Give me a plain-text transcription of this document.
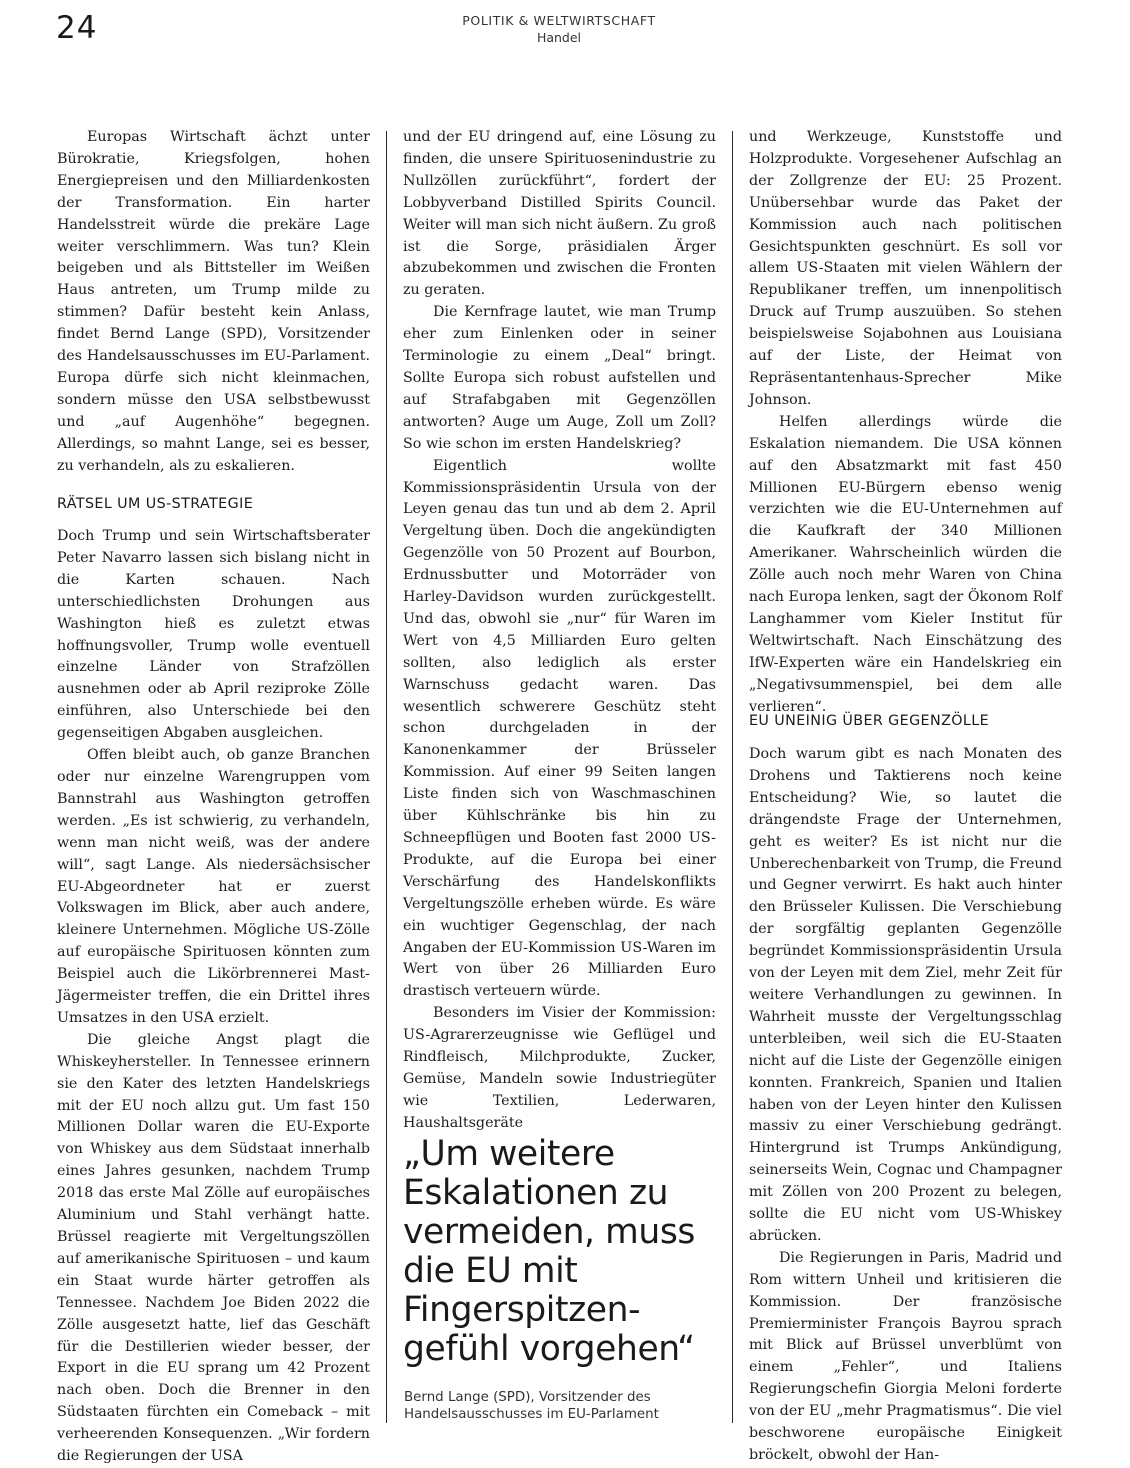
24	POLITIK & WELTWIRTSCHAFT
Handel

Europas Wirtschaft ächzt unter Bürokratie, Kriegsfolgen, hohen Energiepreisen und den Milliardenkosten der Transformation. Ein harter Handelsstreit würde die prekäre Lage weiter verschlimmern. Was tun? Klein beigeben und als Bittsteller im Weißen Haus antreten, um Trump milde zu stimmen? Dafür besteht kein Anlass, findet Bernd Lange (SPD), Vorsitzender des Handelsausschusses im EU-Parlament. Europa dürfe sich nicht kleinmachen, sondern müsse den USA selbstbewusst und „auf Augenhöhe“ begegnen. Allerdings, so mahnt Lange, sei es besser, zu verhandeln, als zu eskalieren.

RÄTSEL UM US-STRATEGIE

Doch Trump und sein Wirtschaftsberater Peter Navarro lassen sich bislang nicht in die Karten schauen. Nach unterschiedlichsten Drohungen aus Washington hieß es zuletzt etwas hoffnungsvoller, Trump wolle eventuell einzelne Länder von Strafzöllen ausnehmen oder ab April reziproke Zölle einführen, also Unterschiede bei den gegenseitigen Abgaben ausgleichen.

Offen bleibt auch, ob ganze Branchen oder nur einzelne Warengruppen vom Bannstrahl aus Washington getroffen werden. „Es ist schwierig, zu verhandeln, wenn man nicht weiß, was der andere will“, sagt Lange. Als niedersächsischer EU-Abgeordneter hat er zuerst Volkswagen im Blick, aber auch andere, kleinere Unternehmen. Mögliche US-Zölle auf europäische Spirituosen könnten zum Beispiel auch die Likörbrennerei Mast-Jägermeister treffen, die ein Drittel ihres Umsatzes in den USA erzielt.

Die gleiche Angst plagt die Whiskeyhersteller. In Tennessee erinnern sie den Kater des letzten Handelskriegs mit der EU noch allzu gut. Um fast 150 Millionen Dollar waren die EU-Exporte von Whiskey aus dem Südstaat innerhalb eines Jahres gesunken, nachdem Trump 2018 das erste Mal Zölle auf europäisches Aluminium und Stahl verhängt hatte. Brüssel reagierte mit Vergeltungszöllen auf amerikanische Spirituosen – und kaum ein Staat wurde härter getroffen als Tennessee. Nachdem Joe Biden 2022 die Zölle ausgesetzt hatte, lief das Geschäft für die Destillerien wieder besser, der Export in die EU sprang um 42 Prozent nach oben. Doch die Brenner in den Südstaaten fürchten ein Comeback – mit verheerenden Konsequenzen. „Wir fordern die Regierungen der USA

und der EU dringend auf, eine Lösung zu finden, die unsere Spirituosenindustrie zu Nullzöllen zurückführt“, fordert der Lobbyverband Distilled Spirits Council. Weiter will man sich nicht äußern. Zu groß ist die Sorge, präsidialen Ärger abzubekommen und zwischen die Fronten zu geraten.

Die Kernfrage lautet, wie man Trump eher zum Einlenken oder in seiner Terminologie zu einem „Deal“ bringt. Sollte Europa sich robust aufstellen und auf Strafabgaben mit Gegenzöllen antworten? Auge um Auge, Zoll um Zoll? So wie schon im ersten Handelskrieg?

Eigentlich wollte Kommissionspräsidentin Ursula von der Leyen genau das tun und ab dem 2. April Vergeltung üben. Doch die angekündigten Gegenzölle von 50 Prozent auf Bourbon, Erdnussbutter und Motorräder von Harley-Davidson wurden zurückgestellt. Und das, obwohl sie „nur“ für Waren im Wert von 4,5 Milliarden Euro gelten sollten, also lediglich als erster Warnschuss gedacht waren. Das wesentlich schwerere Geschütz steht schon durchgeladen in der Kanonenkammer der Brüsseler Kommission. Auf einer 99 Seiten langen Liste finden sich von Waschmaschinen über Kühlschränke bis hin zu Schneepflügen und Booten fast 2000 US-Produkte, auf die Europa bei einer Verschärfung des Handelskonflikts Vergeltungszölle erheben würde. Es wäre ein wuchtiger Gegenschlag, der nach Angaben der EU-Kommission US-Waren im Wert von über 26 Milliarden Euro drastisch verteuern würde.

Besonders im Visier der Kommission: US-Agrarerzeugnisse wie Geflügel und Rindfleisch, Milchprodukte, Zucker, Gemüse, Mandeln sowie Industriegüter wie Textilien, Lederwaren, Haushaltsgeräte

„Um weitere Eskalationen zu vermeiden, muss die EU mit Fingerspitzen-gefühl vorgehen“
Bernd Lange (SPD), Vorsitzender des Handelsausschusses im EU-Parlament

und Werkzeuge, Kunststoffe und Holzprodukte. Vorgesehener Aufschlag an der Zollgrenze der EU: 25 Prozent. Unübersehbar wurde das Paket der Kommission auch nach politischen Gesichtspunkten geschnürt. Es soll vor allem US-Staaten mit vielen Wählern der Republikaner treffen, um innenpolitisch Druck auf Trump auszuüben. So stehen beispielsweise Sojabohnen aus Louisiana auf der Liste, der Heimat von Repräsentantenhaus-Sprecher Mike Johnson.

Helfen allerdings würde die Eskalation niemandem. Die USA können auf den Absatzmarkt mit fast 450 Millionen EU-Bürgern ebenso wenig verzichten wie die EU-Unternehmen auf die Kaufkraft der 340 Millionen Amerikaner. Wahrscheinlich würden die Zölle auch noch mehr Waren von China nach Europa lenken, sagt der Ökonom Rolf Langhammer vom Kieler Institut für Weltwirtschaft. Nach Einschätzung des IfW-Experten wäre ein Handelskrieg ein „Negativsummenspiel, bei dem alle verlieren“.

EU UNEINIG ÜBER GEGENZÖLLE

Doch warum gibt es nach Monaten des Drohens und Taktierens noch keine Entscheidung? Wie, so lautet die drängendste Frage der Unternehmen, geht es weiter? Es ist nicht nur die Unberechenbarkeit von Trump, die Freund und Gegner verwirrt. Es hakt auch hinter den Brüsseler Kulissen. Die Verschiebung der sorgfältig geplanten Gegenzölle begründet Kommissionspräsidentin Ursula von der Leyen mit dem Ziel, mehr Zeit für weitere Verhandlungen zu gewinnen. In Wahrheit musste der Vergeltungsschlag unterbleiben, weil sich die EU-Staaten nicht auf die Liste der Gegenzölle einigen konnten. Frankreich, Spanien und Italien haben von der Leyen hinter den Kulissen massiv zu einer Verschiebung gedrängt. Hintergrund ist Trumps Ankündigung, seinerseits Wein, Cognac und Champagner mit Zöllen von 200 Prozent zu belegen, sollte die EU nicht vom US-Whiskey abrücken.

Die Regierungen in Paris, Madrid und Rom wittern Unheil und kritisieren die Kommission. Der französische Premierminister François Bayrou sprach mit Blick auf Brüssel unverblümt von einem „Fehler“, und Italiens Regierungschefin Giorgia Meloni forderte von der EU „mehr Pragmatismus“. Die viel beschworene europäische Einigkeit bröckelt, obwohl der Han-
